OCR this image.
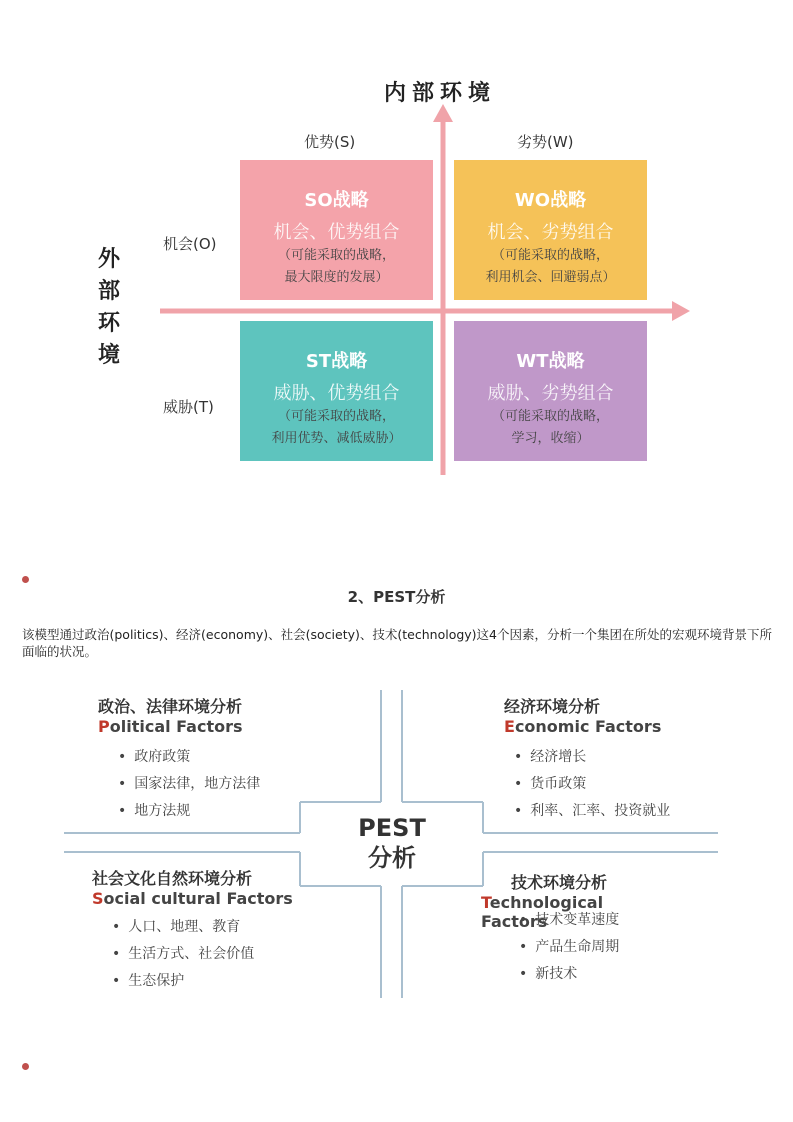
内部环境
外
部
环
境
优势(S)	劣势(W)
机会(O)
威胁(T)
SO战略
机会、优势组合
（可能采取的战略，
最大限度的发展）
WO战略
机会、劣势组合
（可能采取的战略，
利用机会、回避弱点）
ST战略
威胁、优势组合
（可能采取的战略，
利用优势、减低威胁）
WT战略
威胁、劣势组合
（可能采取的战略，
学习，收缩）
2、PEST分析
该模型通过政治(politics)、经济(economy)、社会(society)、技术(technology)这4个因素，分析一个集团在所处的宏观环境背景下所面临的状况。
PEST
分析
政治、法律环境分析
Political Factors
• 政府政策
• 国家法律，地方法律
• 地方法规
经济环境分析
Economic Factors
• 经济增长
• 货币政策
• 利率、汇率、投资就业
社会文化自然环境分析
Social cultural Factors
• 人口、地理、教育
• 生活方式、社会价值
• 生态保护
技术环境分析
Technological
Factors
• 技术变革速度
• 产品生命周期
• 新技术
